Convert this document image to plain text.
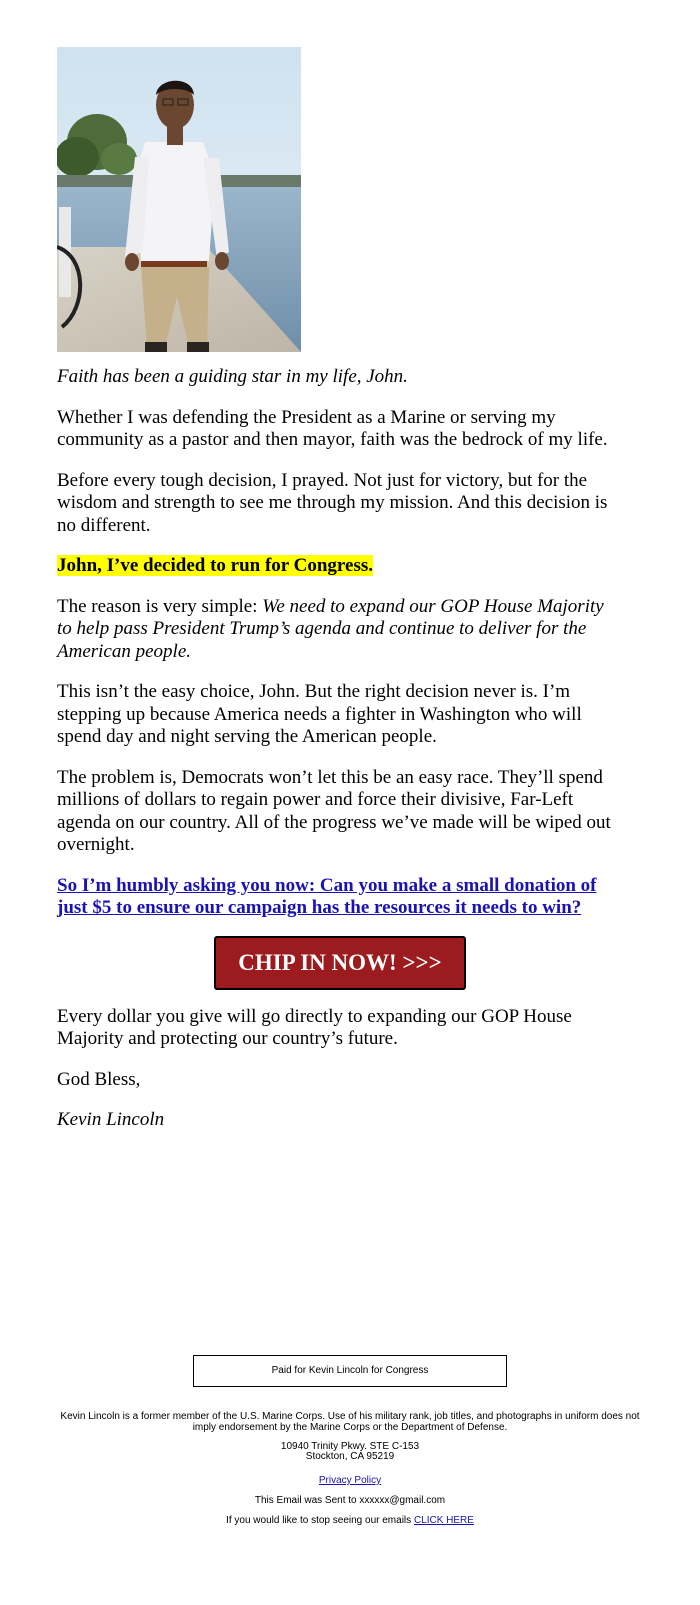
Faith has been a guiding star in my life, John.

Whether I was defending the President as a Marine or serving my community as a pastor and then mayor, faith was the bedrock of my life.

Before every tough decision, I prayed. Not just for victory, but for the wisdom and strength to see me through my mission. And this decision is no different.

John, I’ve decided to run for Congress.

The reason is very simple: We need to expand our GOP House Majority to help pass President Trump’s agenda and continue to deliver for the American people.

This isn’t the easy choice, John. But the right decision never is. I’m stepping up because America needs a fighter in Washington who will spend day and night serving the American people.

The problem is, Democrats won’t let this be an easy race. They’ll spend millions of dollars to regain power and force their divisive, Far-Left agenda on our country. All of the progress we’ve made will be wiped out overnight.

So I’m humbly asking you now: Can you make a small donation of just $5 to ensure our campaign has the resources it needs to win?

CHIP IN NOW! >>>

Every dollar you give will go directly to expanding our GOP House Majority and protecting our country’s future.

God Bless,

Kevin Lincoln

Paid for Kevin Lincoln for Congress
Kevin Lincoln is a former member of the U.S. Marine Corps. Use of his military rank, job titles, and photographs in uniform does not imply endorsement by the Marine Corps or the Department of Defense.
10940 Trinity Pkwy. STE C-153
Stockton, CA 95219
Privacy Policy
This Email was Sent to xxxxxx@gmail.com
If you would like to stop seeing our emails CLICK HERE
